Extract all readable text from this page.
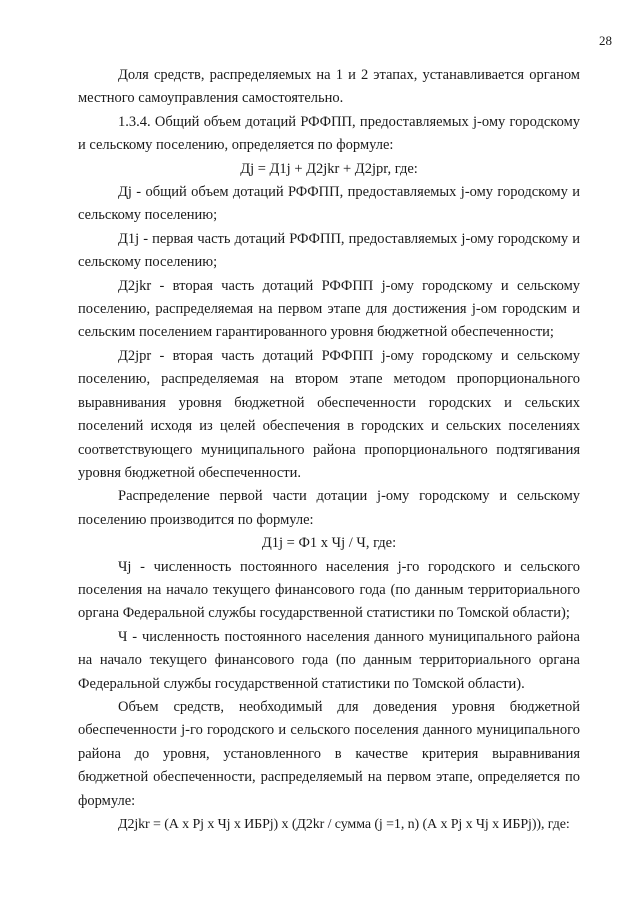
28

Доля средств, распределяемых на 1 и 2 этапах, устанавливается органом местного самоуправления самостоятельно.

1.3.4. Общий объем дотаций РФФПП, предоставляемых j-ому городскому и сельскому поселению, определяется по формуле:

Дj = Д1j + Д2jkr + Д2jpr, где:

Дj - общий объем дотаций РФФПП, предоставляемых j-ому городскому и сельскому поселению;

Д1j - первая часть дотаций РФФПП, предоставляемых j-ому городскому и сельскому поселению;

Д2jkr - вторая часть дотаций РФФПП j-ому городскому и сельскому поселению, распределяемая на первом этапе для достижения j-ом городским и сельским поселением гарантированного уровня бюджетной обеспеченности;

Д2jpr - вторая часть дотаций РФФПП j-ому городскому и сельскому поселению, распределяемая на втором этапе методом пропорционального выравнивания уровня бюджетной обеспеченности городских и сельских поселений исходя из целей обеспечения в городских и сельских поселениях соответствующего муниципального района пропорционального подтягивания уровня бюджетной обеспеченности.

Распределение первой части дотации j-ому городскому и сельскому поселению производится по формуле:

Д1j = Ф1 х Чj / Ч, где:

Чj - численность постоянного населения j-го городского и сельского поселения на начало текущего финансового года (по данным территориального органа Федеральной службы государственной статистики по Томской области);

Ч - численность постоянного населения данного муниципального района на начало текущего финансового года (по данным территориального органа Федеральной службы государственной статистики по Томской области).

Объем средств, необходимый для доведения уровня бюджетной обеспеченности j-го городского и сельского поселения данного муниципального района до уровня, установленного в качестве критерия выравнивания бюджетной обеспеченности, распределяемый на первом этапе, определяется по формуле:

Д2jkr = (А х Рj х Чj х ИБРj) х (Д2kr / сумма (j =1, n) (А х Рj х Чj х ИБРj)), где:
